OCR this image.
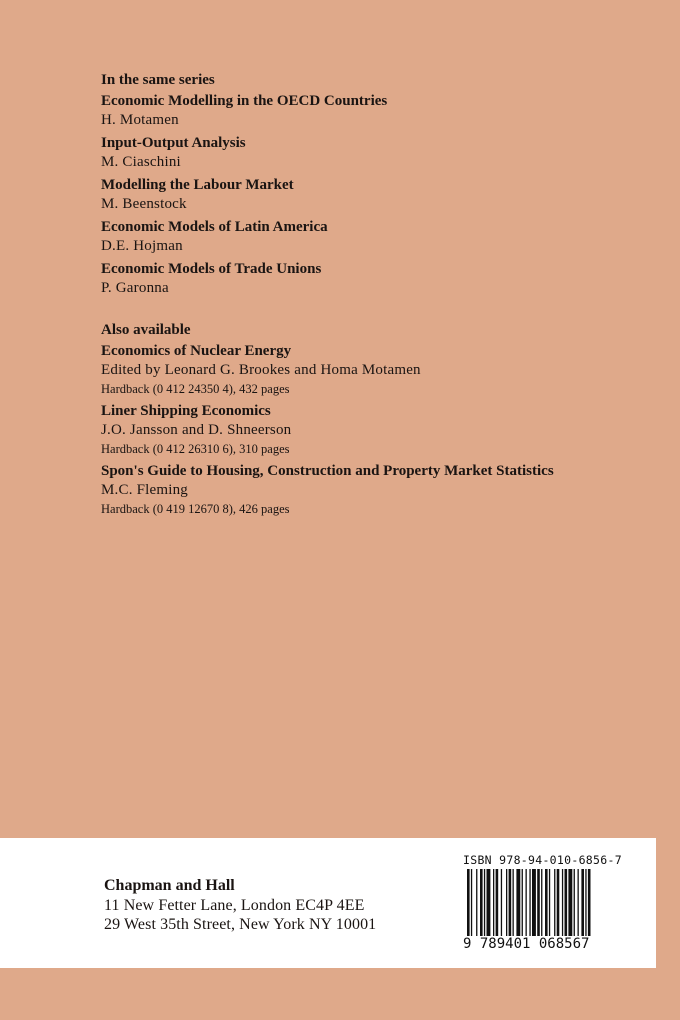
In the same series
Economic Modelling in the OECD Countries
H. Motamen
Input-Output Analysis
M. Ciaschini
Modelling the Labour Market
M. Beenstock
Economic Models of Latin America
D.E. Hojman
Economic Models of Trade Unions
P. Garonna
Also available
Economics of Nuclear Energy
Edited by Leonard G. Brookes and Homa Motamen
Hardback (0 412 24350 4), 432 pages
Liner Shipping Economics
J.O. Jansson and D. Shneerson
Hardback (0 412 26310 6), 310 pages
Spon's Guide to Housing, Construction and Property Market Statistics
M.C. Fleming
Hardback (0 419 12670 8), 426 pages
Chapman and Hall
11 New Fetter Lane, London EC4P 4EE
29 West 35th Street, New York NY 10001
ISBN 978-94-010-6856-7
9 789401 068567
